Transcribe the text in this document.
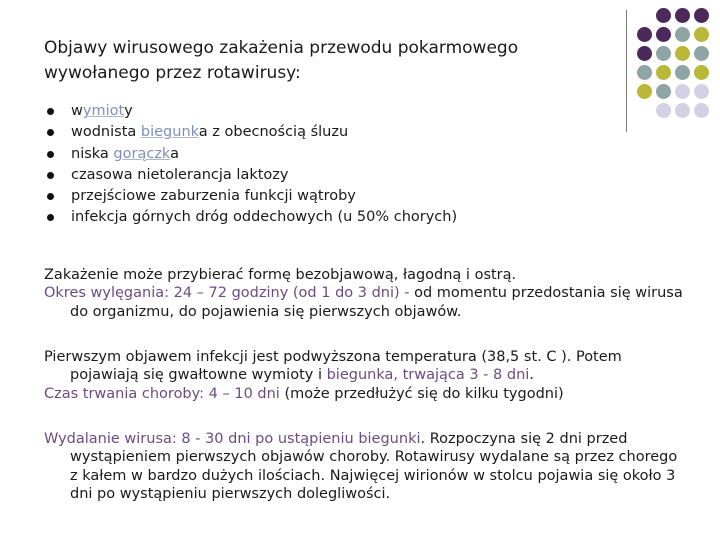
Objawy wirusowego zakażenia przewodu pokarmowego wywołanego przez rotawirusy:
wymioty
wodnista biegunka z obecnością śluzu
niska gorączka
czasowa nietolerancja laktozy
przejściowe zaburzenia funkcji wątroby
infekcja górnych dróg oddechowych (u 50% chorych)

Zakażenie może przybierać formę bezobjawową, łagodną i ostrą.

Okres wylęgania: 24 – 72 godziny (od 1 do 3 dni) - od momentu przedostania się wirusa do organizmu, do pojawienia się pierwszych objawów.

Pierwszym objawem infekcji jest podwyższona temperatura (38,5 st. C ). Potem pojawiają się gwałtowne wymioty i biegunka, trwająca 3 - 8 dni.

Czas trwania choroby: 4 – 10 dni (może przedłużyć się do kilku tygodni)

Wydalanie wirusa: 8 - 30 dni po ustąpieniu biegunki. Rozpoczyna się 2 dni przed wystąpieniem pierwszych objawów choroby. Rotawirusy wydalane są przez chorego z kałem w bardzo dużych ilościach. Najwięcej wirionów w stolcu pojawia się około 3 dni po wystąpieniu pierwszych dolegliwości.
